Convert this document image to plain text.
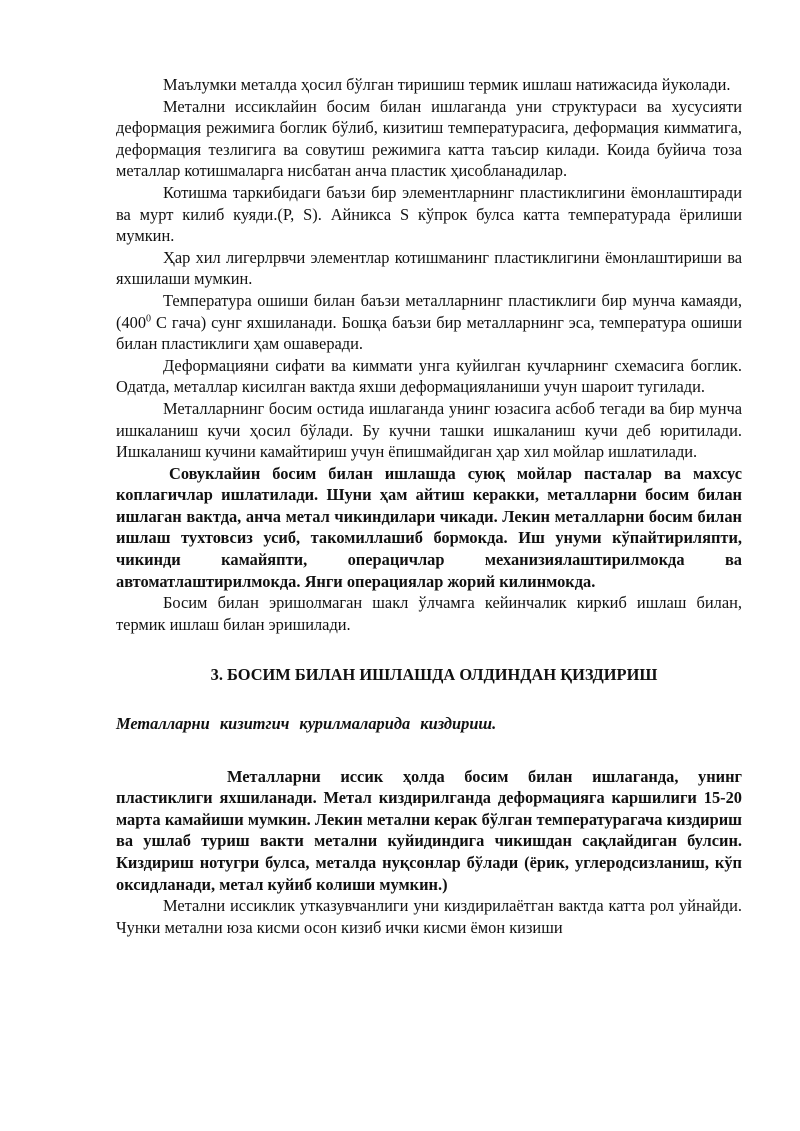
Маълумки металда ҳосил бўлган тиришиш термик ишлаш натижасида йуколади.

Метални иссиклайин босим билан ишлаганда уни структураси ва хусусияти деформация режимига боглик бўлиб, кизитиш температурасига, деформация кимматига, деформация тезлигига ва совутиш режимига катта таъсир килади. Коида буйича тоза металлар котишмаларга нисбатан анча пластик ҳисобланадилар.

Котишма таркибидаги баъзи бир элементларнинг пластиклигини ёмонлаштиради ва мурт килиб куяди.(P, S). Айникса S кўпрок булса катта температурада ёрилиши мумкин.

Ҳар хил лигерлрвчи элементлар котишманинг пластиклигини ёмонлаштириши ва яхшилаши мумкин.

Температура ошиши билан баъзи металларнинг пластиклиги бир мунча камаяди, ($400^0$ С гача) сунг яхшиланади. Бошқа баъзи бир металларнинг эса, температура ошиши билан пластиклиги ҳам ошаверади.

Деформацияни сифати ва киммати унга куйилган кучларнинг схемасига боглик. Одатда, металлар кисилган вактда яхши деформацияланиши учун шароит тугилади.

Металларнинг босим остида ишлаганда унинг юзасига асбоб тегади ва бир мунча ишкаланиш кучи ҳосил бўлади. Бу кучни ташки ишкаланиш кучи деб юритилади. Ишкаланиш кучини камайтириш учун ёпишмайдиган ҳар хил мойлар ишлатилади.

Совуклайин босим билан ишлашда суюқ мойлар пасталар ва махсус коплагичлар ишлатилади. Шуни ҳам айтиш керакки, металларни босим билан ишлаган вактда, анча метал чикиндилари чикади. Лекин металларни босим билан ишлаш тухтовсиз усиб, такомиллашиб бормокда. Иш унуми кўпайтириляпти, чикинди камайяпти, операцичлар механизиялаштирилмокда ва автоматлаштирилмокда. Янги операциялар жорий килинмокда.

Босим билан эришолмаган шакл ўлчамга кейинчалик киркиб ишлаш билан, термик ишлаш билан эришилади.

3. БОСИМ БИЛАН ИШЛАШДА ОЛДИНДАН ҚИЗДИРИШ

Металларни кизитгич курилмаларида киздириш.

Металларни иссик ҳолда босим билан ишлаганда, унинг пластиклиги яхшиланади. Метал киздирилганда деформацияга каршилиги 15-20 марта камайиши мумкин. Лекин метални керак бўлган температурагача киздириш ва ушлаб туриш вакти метални куйидиндига чикишдан сақлайдиган булсин. Киздириш нотугри булса, металда нуқсонлар бўлади (ёрик, углеродсизланиш, кўп оксидланади, метал куйиб колиши мумкин.)

Метални иссиклик утказувчанлиги уни киздирилаётган вактда катта рол уйнайди. Чунки метални юза кисми осон кизиб ички кисми ёмон кизиши
